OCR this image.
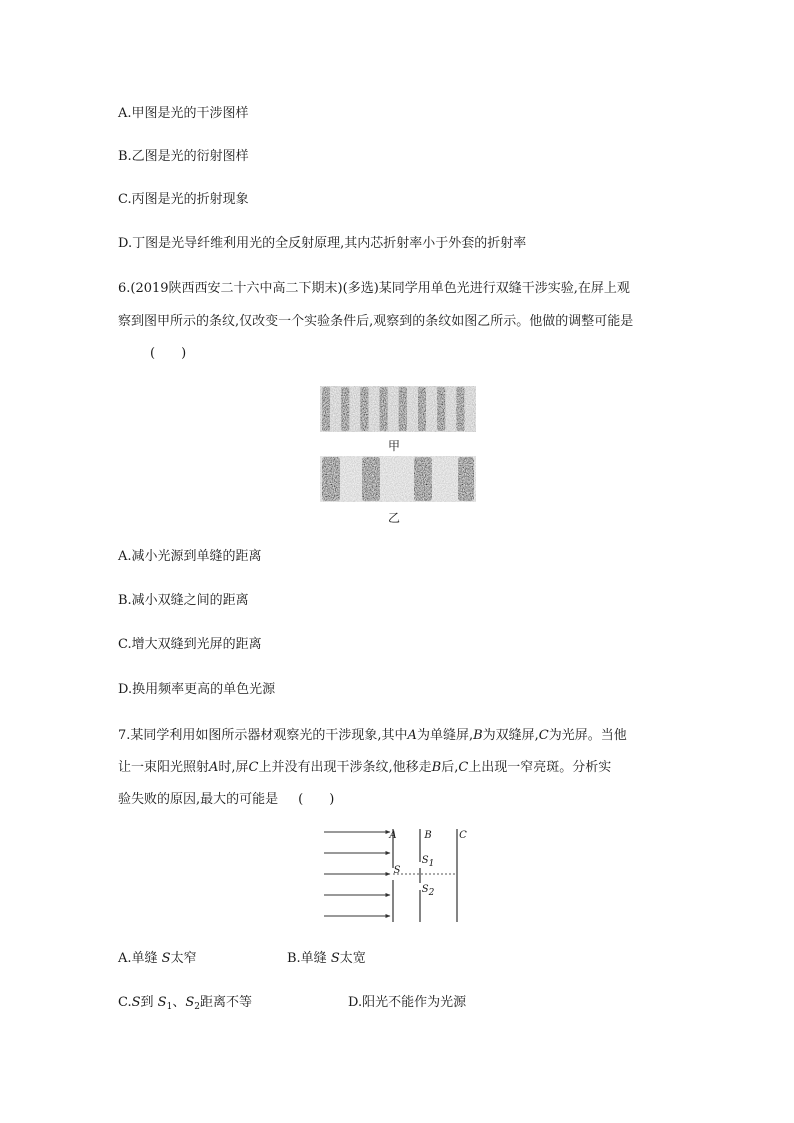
A.甲图是光的干涉图样
B.乙图是光的衍射图样
C.丙图是光的折射现象
D.丁图是光导纤维利用光的全反射原理,其内芯折射率小于外套的折射率
6.(2019陕西西安二十六中高二下期末)(多选)某同学用单色光进行双缝干涉实验,在屏上观
察到图甲所示的条纹,仅改变一个实验条件后,观察到的条纹如图乙所示。他做的调整可能是
(　　)
甲
乙
A.减小光源到单缝的距离
B.减小双缝之间的距离
C.增大双缝到光屏的距离
D.换用频率更高的单色光源
7.某同学利用如图所示器材观察光的干涉现象,其中A为单缝屏,B为双缝屏,C为光屏。当他
让一束阳光照射A时,屏C上并没有出现干涉条纹,他移走B后,C上出现一窄亮斑。分析实
验失败的原因,最大的可能是 (　　)
A	B	C
S
$S_1$
$S_2$
A.单缝 S太窄	B.单缝 S太宽
C.S到 $S_1$、$S_2$距离不等	D.阳光不能作为光源
